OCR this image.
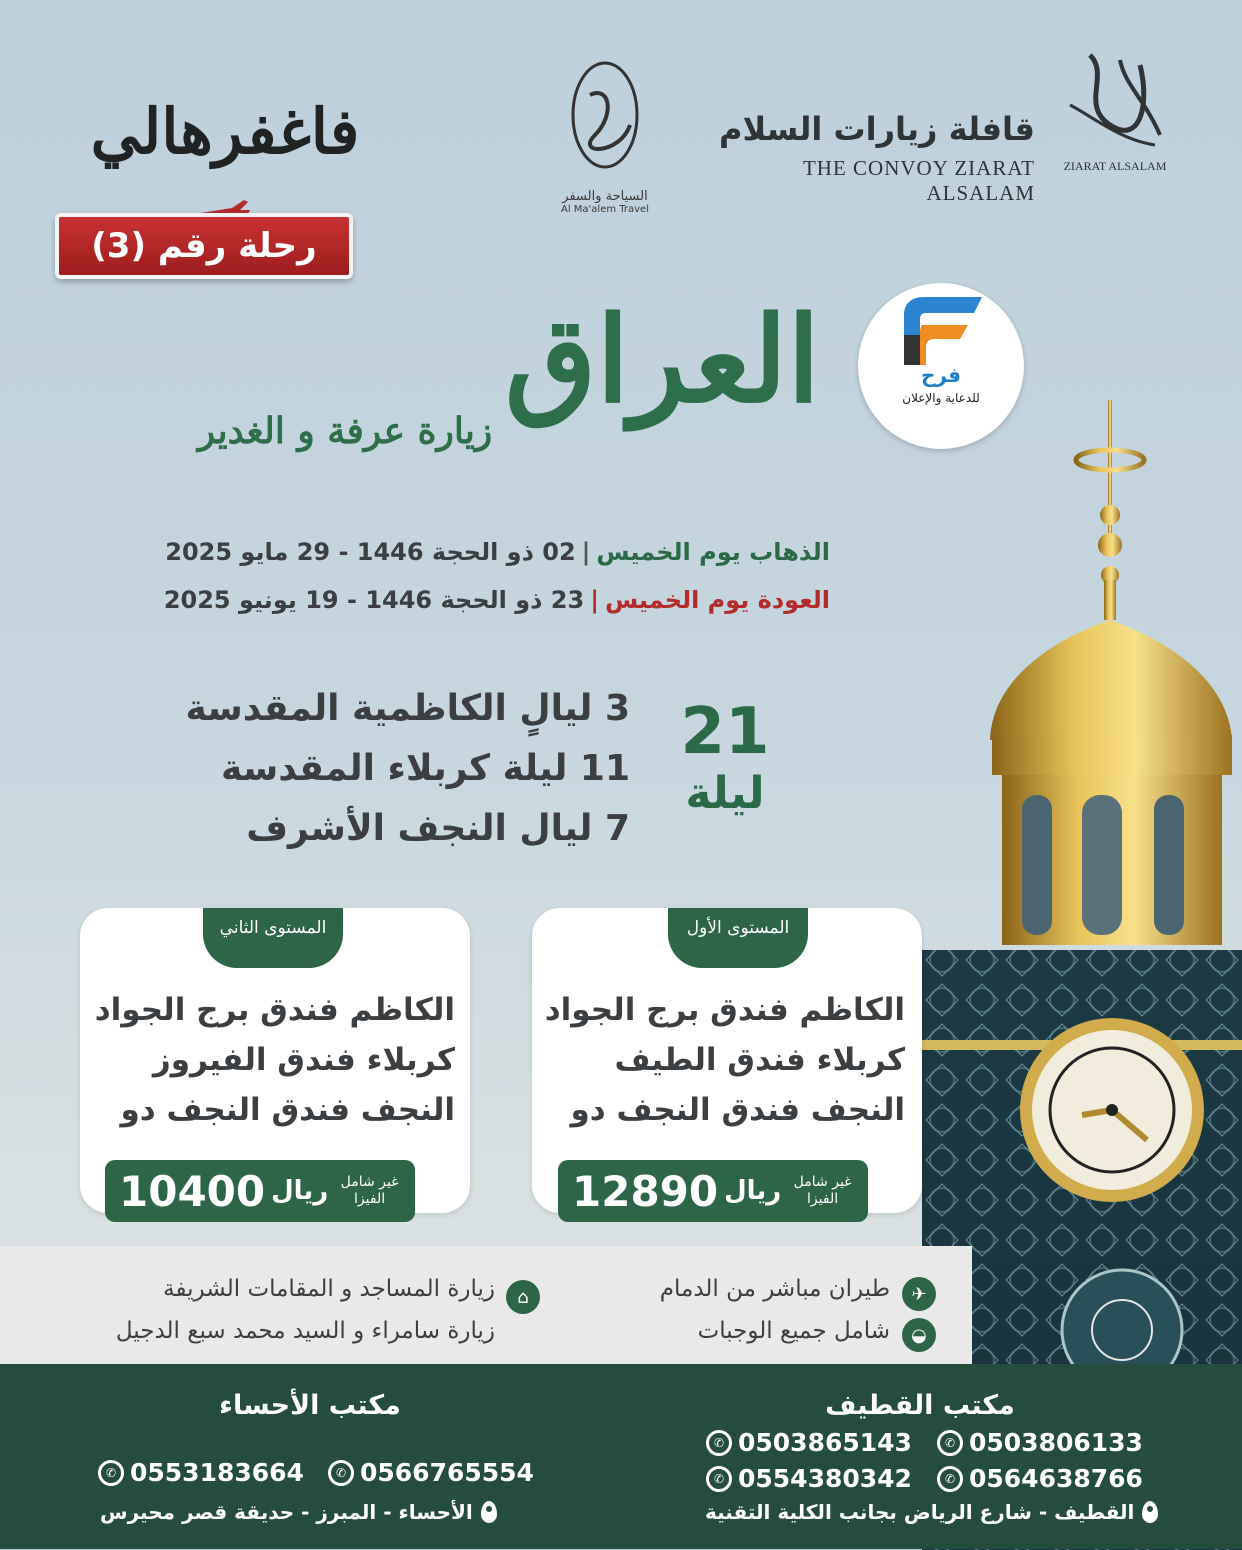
ZIARAT ALSALAM
قافلة زيارات السلام
THE CONVOY ZIARAT ALSALAM
السياحة والسفر
Al Ma'alem Travel
فاغفرهالي
رحلة رقم (3)
فرح
للدعاية والإعلان
العراق
زيارة عرفة و الغدير
الذهاب يوم الخميس|02 ذو الحجة 1446 - 29 مايو 2025
العودة يوم الخميس|23 ذو الحجة 1446 - 19 يونيو 2025
21
ليلة
3 ليالٍ الكاظمية المقدسة
11 ليلة كربلاء المقدسة
7 ليال النجف الأشرف
المستوى الأول
الكاظم فندق برج الجواد
كربلاء فندق الطيف
النجف فندق النجف دو
12890 ريال غير شامل الفيزا
المستوى الثاني
الكاظم فندق برج الجواد
كربلاء فندق الفيروز
النجف فندق النجف دو
10400 ريال غير شامل الفيزا
✈
طيران مباشر من الدمام
◒
شامل جميع الوجبات
⌂
زيارة المساجد و المقامات الشريفة
زيارة سامراء و السيد محمد سبع الدجيل
مكتب القطيف
✆ 0503806133
✆ 0503865143
✆ 0564638766
✆ 0554380342
القطيف - شارع الرياض بجانب الكلية التقنية
مكتب الأحساء
✆ 0566765554
✆ 0553183664
الأحساء - المبرز - حديقة قصر محيرس
